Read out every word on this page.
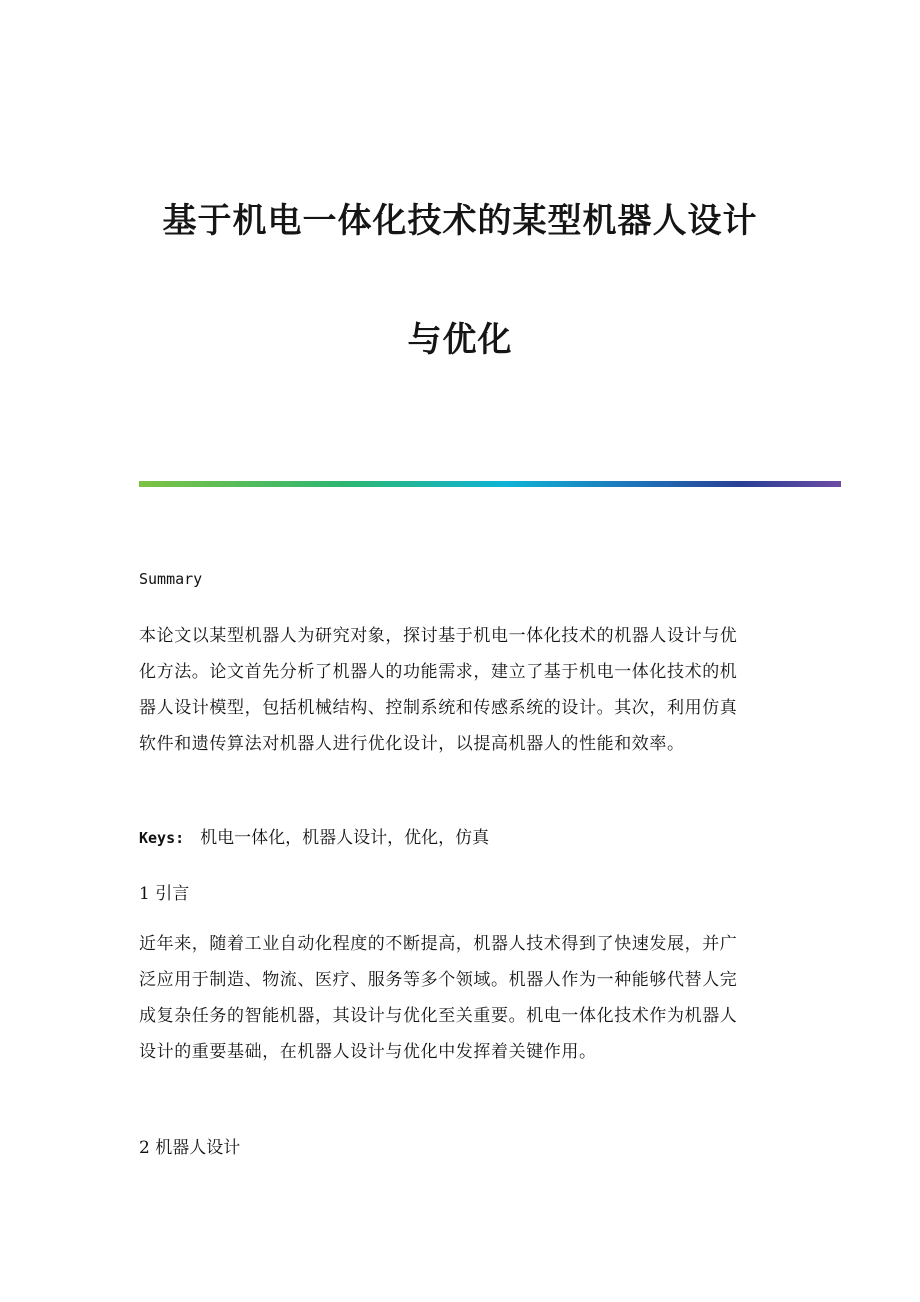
基于机电一体化技术的某型机器人设计
与优化
Summary
本论文以某型机器人为研究对象，探讨基于机电一体化技术的机器人设计与优
化方法。论文首先分析了机器人的功能需求，建立了基于机电一体化技术的机
器人设计模型，包括机械结构、控制系统和传感系统的设计。其次，利用仿真
软件和遗传算法对机器人进行优化设计，以提高机器人的性能和效率。
Keys: 机电一体化，机器人设计，优化，仿真
1 引言
近年来，随着工业自动化程度的不断提高，机器人技术得到了快速发展，并广
泛应用于制造、物流、医疗、服务等多个领域。机器人作为一种能够代替人完
成复杂任务的智能机器，其设计与优化至关重要。机电一体化技术作为机器人
设计的重要基础，在机器人设计与优化中发挥着关键作用。
2 机器人设计
